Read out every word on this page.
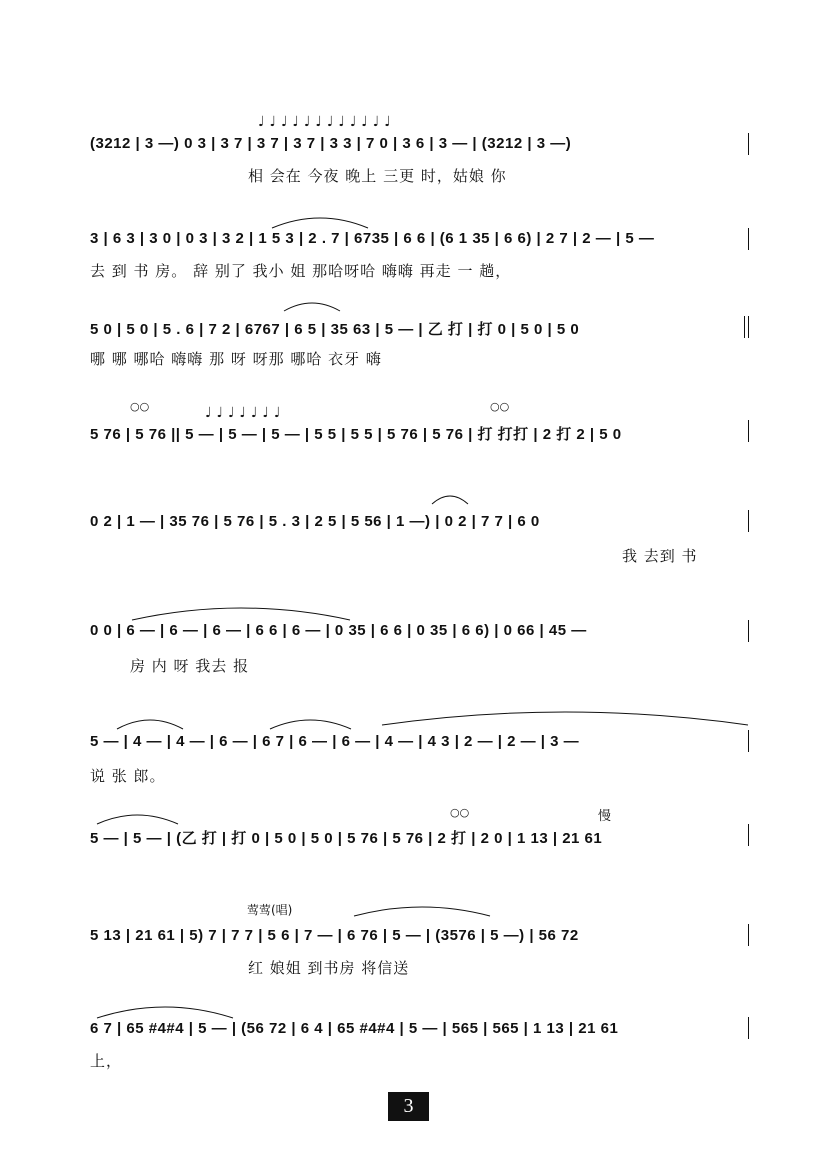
♩ ♩ ♩ ♩ ♩ ♩ ♩ ♩ ♩ ♩ ♩ ♩
(3212 | 3 —) 0 3 | 3 7 | 3 7 | 3 7 | 3 3 | 7 0 | 3 6 | 3 — | (3212 | 3 —)
相 会在 今夜 晚上 三更 时，姑娘 你
3 | 6 3 | 3 0 | 0 3 | 3 2 | 1 5 3 | 2 . 7 | 6735 | 6 6 | (6 1 35 | 6 6) | 2 7 | 2 — | 5 —
去 到 书 房。 辞 别了 我小 姐 那哈呀哈 嗨嗨 再走 一 趟，
5 0 | 5 0 | 5 . 6 | 7 2 | 6767 | 6 5 | 35 63 | 5 — | 乙 打 | 打 0 | 5 0 | 5 0
哪 哪 哪哈 嗨嗨 那 呀 呀那 哪哈 衣牙 嗨
○○	○○
♩ ♩ ♩ ♩ ♩ ♩ ♩
5 76 | 5 76 || 5 — | 5 — | 5 — | 5 5 | 5 5 | 5 76 | 5 76 | 打 打打 | 2 打 2 | 5 0
0 2 | 1 — | 35 76 | 5 76 | 5 . 3 | 2 5 | 5 56 | 1 —) | 0 2 | 7 7 | 6 0
我 去到 书
0 0 | 6 — | 6 — | 6 — | 6 6 | 6 — | 0 35 | 6 6 | 0 35 | 6 6) | 0 66 | 45 —
房 内 呀 我去 报
5 — | 4 — | 4 — | 6 — | 6 7 | 6 — | 6 — | 4 — | 4 3 | 2 — | 2 — | 3 —
说 张 郎。
○○	慢
5 — | 5 — | (乙 打 | 打 0 | 5 0 | 5 0 | 5 76 | 5 76 | 2 打 | 2 0 | 1 13 | 21 61
莺莺(唱)
5 13 | 21 61 | 5) 7 | 7 7 | 5 6 | 7 — | 6 76 | 5 — | (3576 | 5 —) | 56 72
红 娘姐 到书房 将信送
6 7 | 65 #4#4 | 5 — | (56 72 | 6 4 | 65 #4#4 | 5 — | 565 | 565 | 1 13 | 21 61
上，
3
